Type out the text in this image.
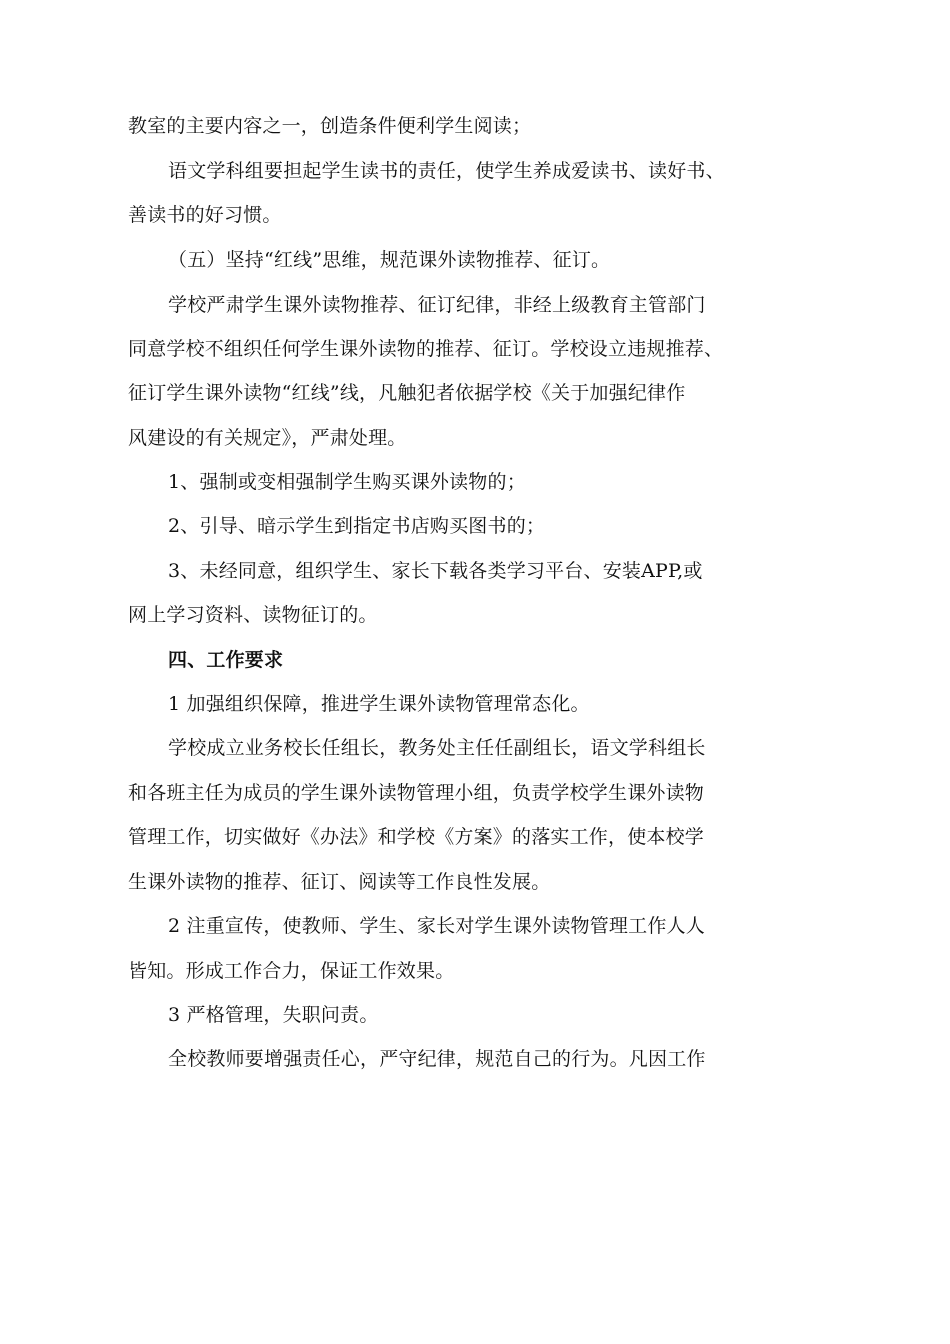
教室的主要内容之一，创造条件便利学生阅读；
语文学科组要担起学生读书的责任，使学生养成爱读书、读好书、
善读书的好习惯。
（五）坚持“红线”思维，规范课外读物推荐、征订。
学校严肃学生课外读物推荐、征订纪律，非经上级教育主管部门
同意学校不组织任何学生课外读物的推荐、征订。学校设立违规推荐、
征订学生课外读物“红线”线，凡触犯者依据学校《关于加强纪律作
风建设的有关规定》，严肃处理。
1、强制或变相强制学生购买课外读物的；
2、引导、暗示学生到指定书店购买图书的；
3、未经同意，组织学生、家长下载各类学习平台、安装APP,或
网上学习资料、读物征订的。
四、工作要求
1 加强组织保障，推进学生课外读物管理常态化。
学校成立业务校长任组长，教务处主任任副组长，语文学科组长
和各班主任为成员的学生课外读物管理小组，负责学校学生课外读物
管理工作，切实做好《办法》和学校《方案》的落实工作，使本校学
生课外读物的推荐、征订、阅读等工作良性发展。
2 注重宣传，使教师、学生、家长对学生课外读物管理工作人人
皆知。形成工作合力，保证工作效果。
3 严格管理，失职问责。
全校教师要增强责任心，严守纪律，规范自己的行为。凡因工作
